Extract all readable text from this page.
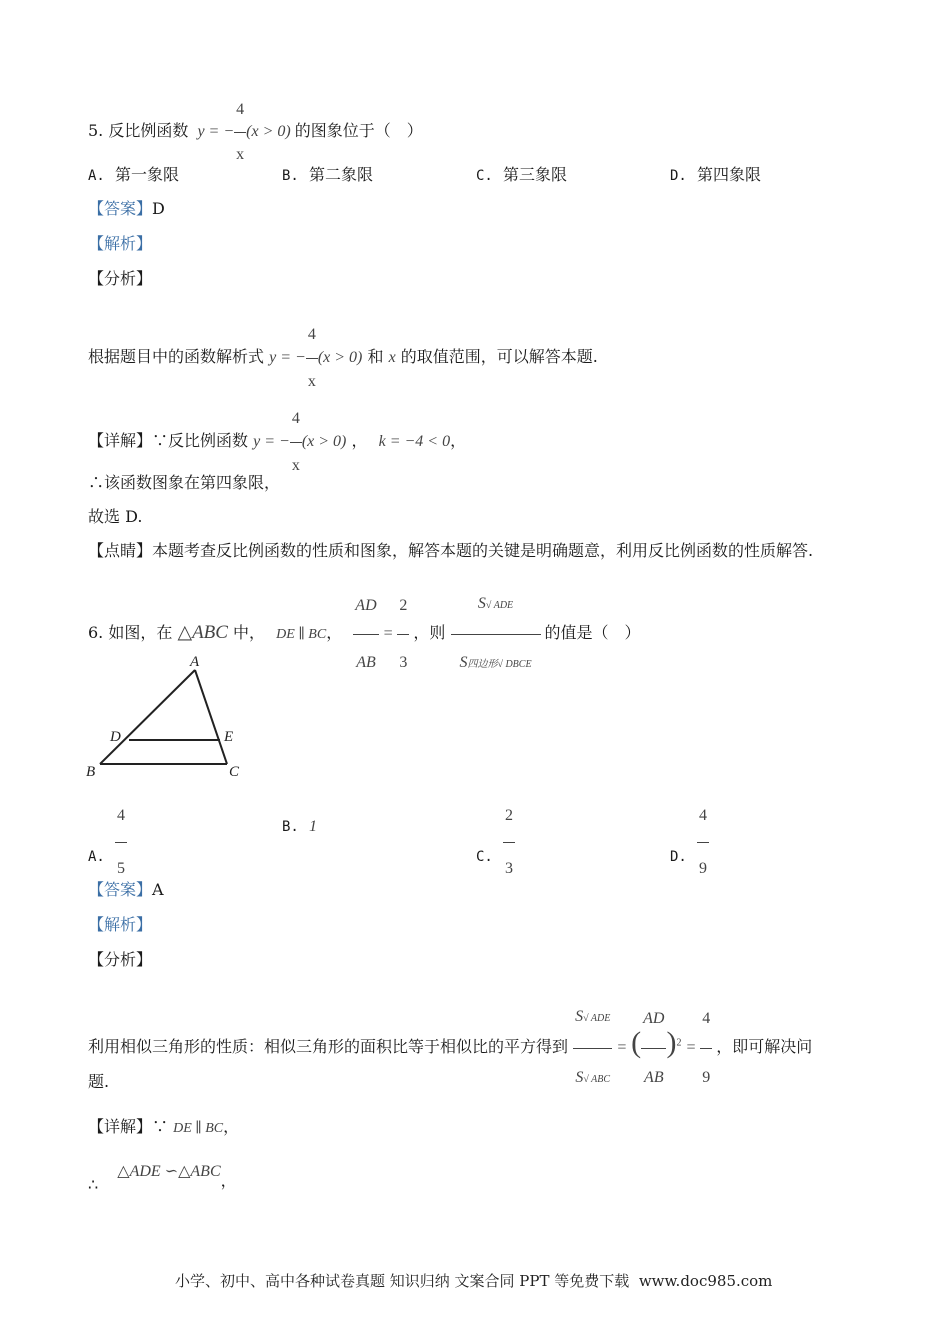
5. 反比例函数 y = − $\frac{4}{x} (x > 0)$ 的图象位于（　）
A. 第一象限	B. 第二象限	C. 第三象限	D. 第四象限
【答案】D
【解析】
【分析】
根据题目中的函数解析式 y = − $\frac{4}{x} (x > 0)$ 和 x 的取值范围，可以解答本题.
【详解】∵反比例函数 y = − $\frac{4}{x} (x > 0)$ ， k = −4 < 0，
∴该函数图象在第四象限，
故选 D.
【点睛】本题考查反比例函数的性质和图象，解答本题的关键是明确题意，利用反比例函数的性质解答.
6. 如图，在 △ABC 中， DE ∥ BC， $\frac{AD}{AB} = \frac{2}{3}$ ，则 $\frac{\text{S√ ADE}}{\text{S四边形√ DBCE}}$ 的值是（　）
A
D	E
B	C
A. $\frac{4}{5}$	B. 1
C. $\frac{2}{3}$	D. $\frac{4}{9}$
【答案】A
【解析】
【分析】
利用相似三角形的性质：相似三角形的面积比等于相似比的平方得到 $\frac{\text{S√ ADE}}{\text{S√ ABC}}$ = ( $\frac{AD}{AB} )^2 = \frac{4}{9}$ ，即可解决问
题.
【详解】∵ DE ∥ BC，
∴ △ADE ∽△ABC，
小学、初中、高中各种试卷真题 知识归纳 文案合同 PPT 等免费下载 www.doc985.com
